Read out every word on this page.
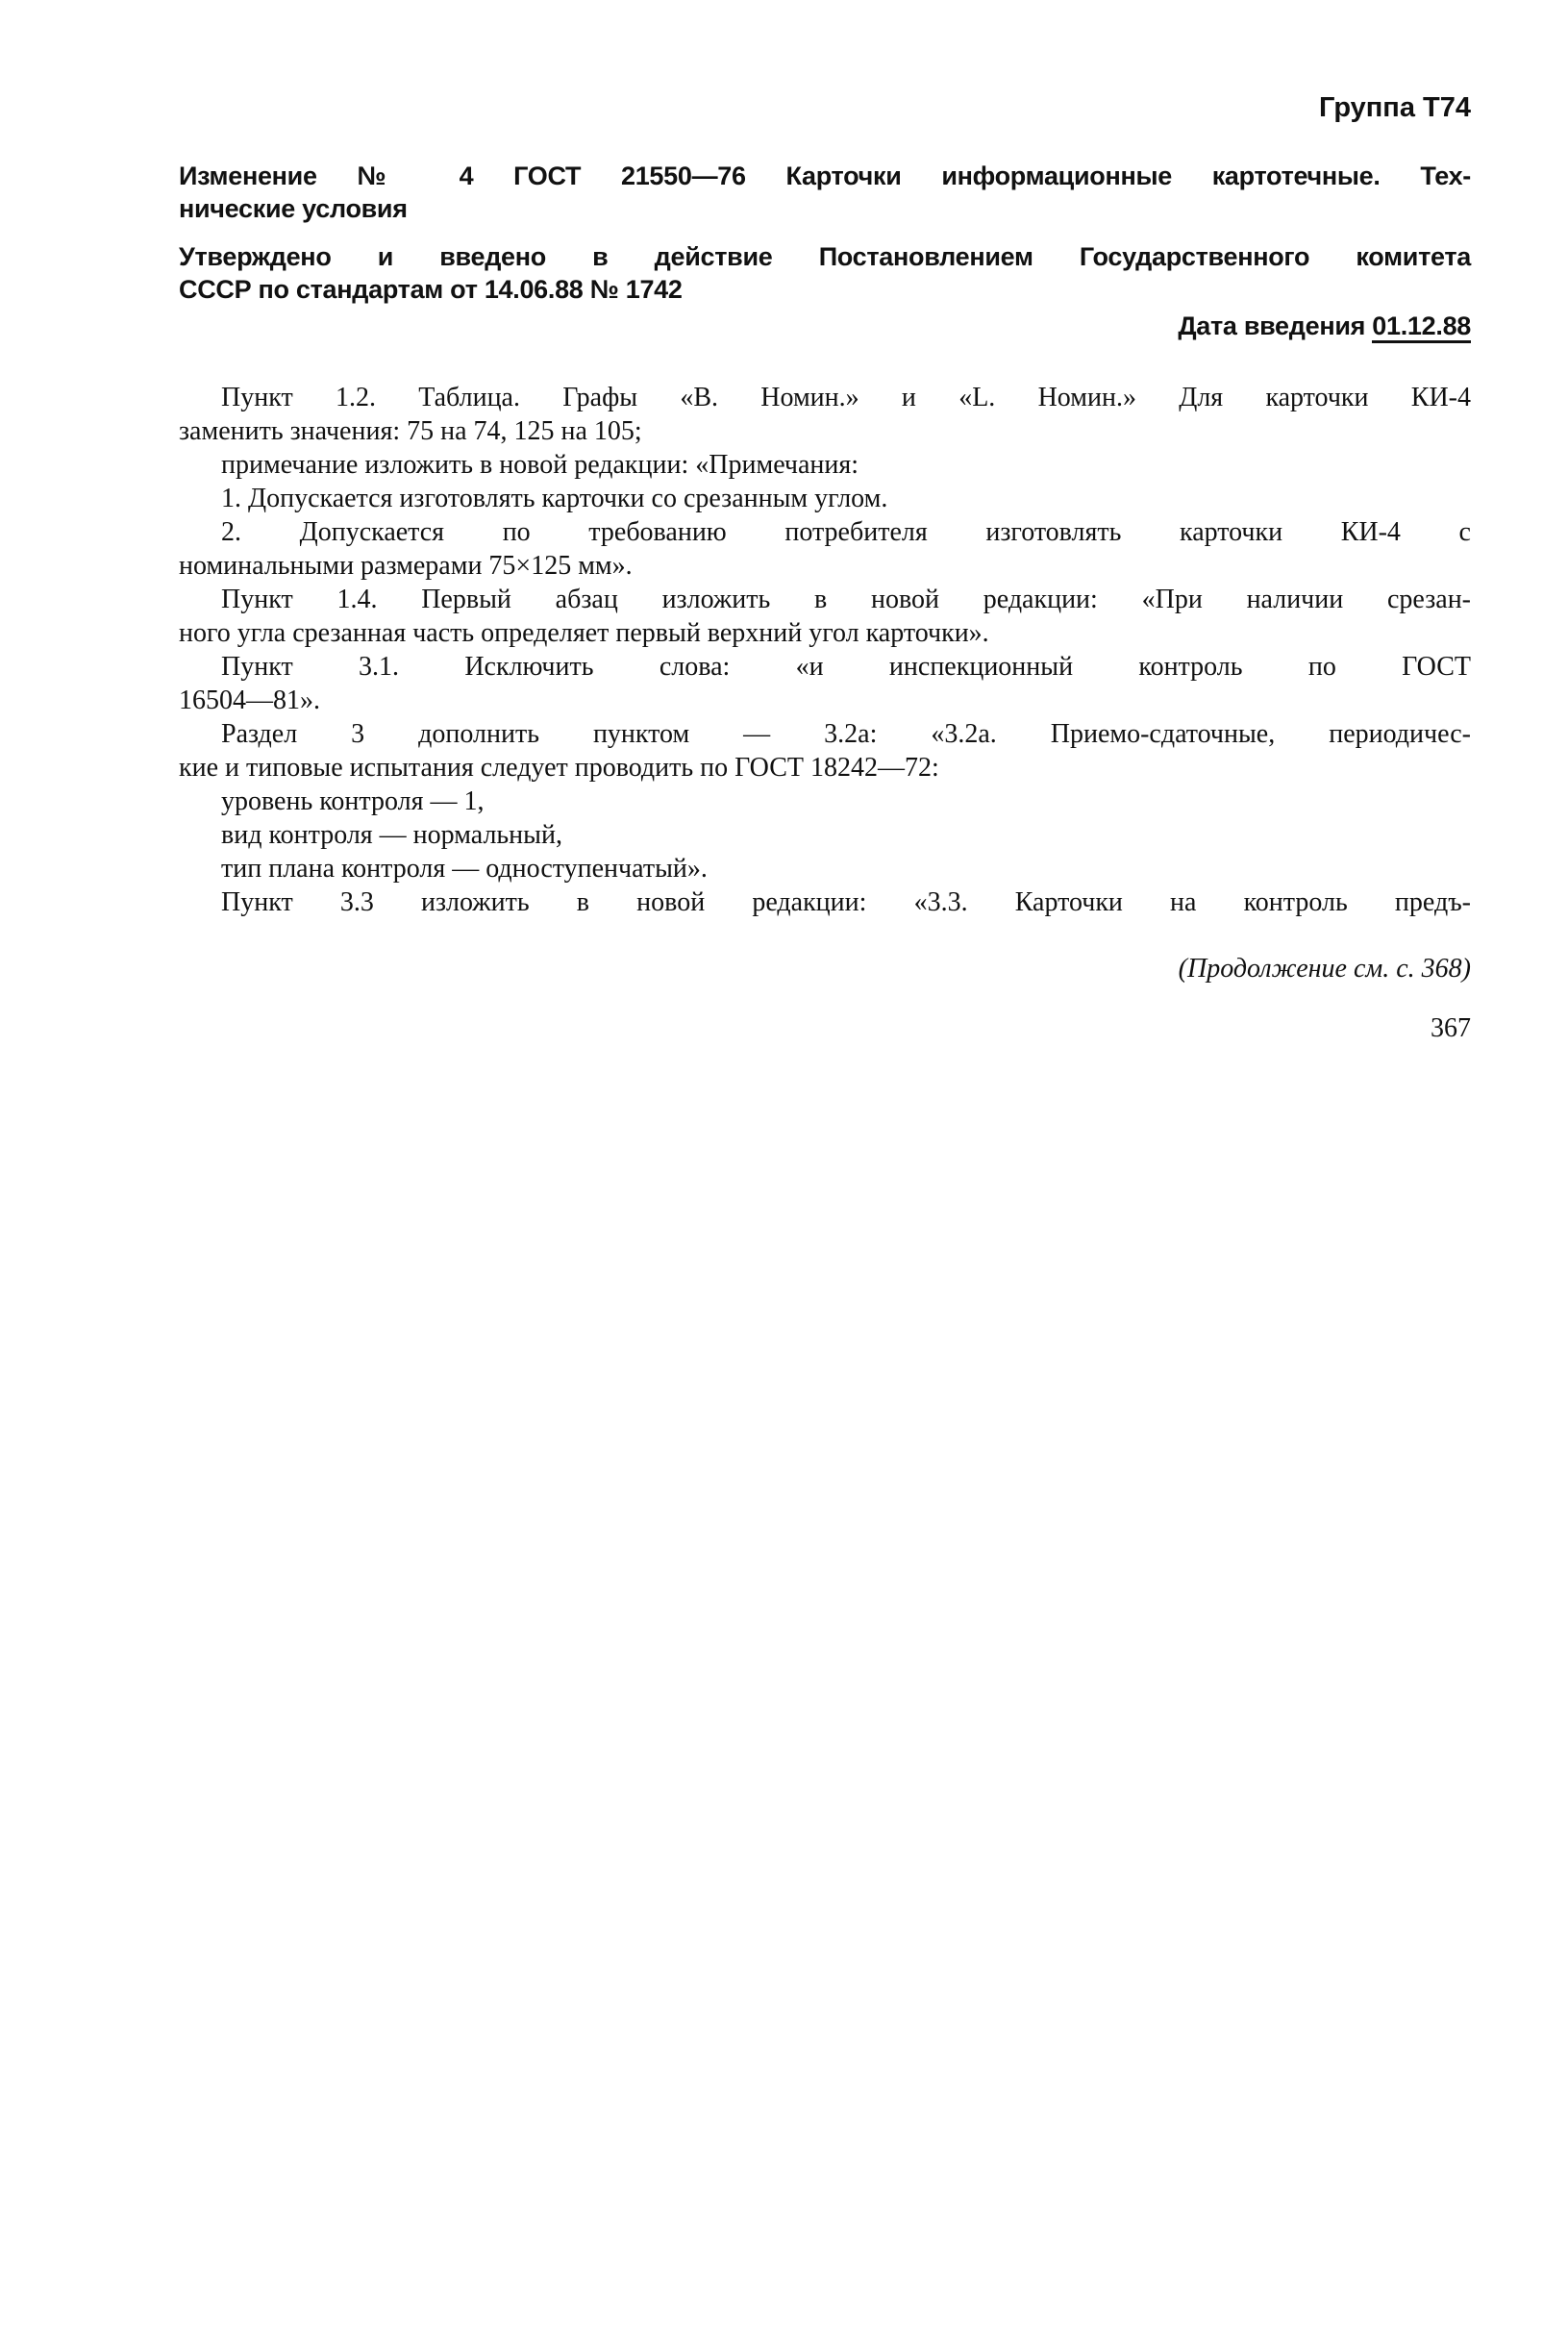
Группа Т74
Изменение № 4 ГОСТ 21550—76 Карточки информационные картотечные. Тех-
нические условия
Утверждено и введено в действие Постановлением Государственного комитета
СССР по стандартам от 14.06.88 № 1742
Дата введения 01.12.88
Пункт 1.2. Таблица. Графы «В. Номин.» и «L. Номин.» Для карточки КИ-4
заменить значения: 75 на 74, 125 на 105;
примечание изложить в новой редакции: «Примечания:
1. Допускается изготовлять карточки со срезанным углом.
2. Допускается по требованию потребителя изготовлять карточки КИ-4 с
номинальными размерами 75×125 мм».
Пункт 1.4. Первый абзац изложить в новой редакции: «При наличии срезан-
ного угла срезанная часть определяет первый верхний угол карточки».
Пункт 3.1. Исключить слова: «и инспекционный контроль по ГОСТ
16504—81».
Раздел 3 дополнить пунктом — 3.2а: «3.2а. Приемо-сдаточные, периодичес-
кие и типовые испытания следует проводить по ГОСТ 18242—72:
уровень контроля — 1,
вид контроля — нормальный,
тип плана контроля — одноступенчатый».
Пункт 3.3 изложить в новой редакции: «3.3. Карточки на контроль предъ-
(Продолжение см. с. 368)
367
